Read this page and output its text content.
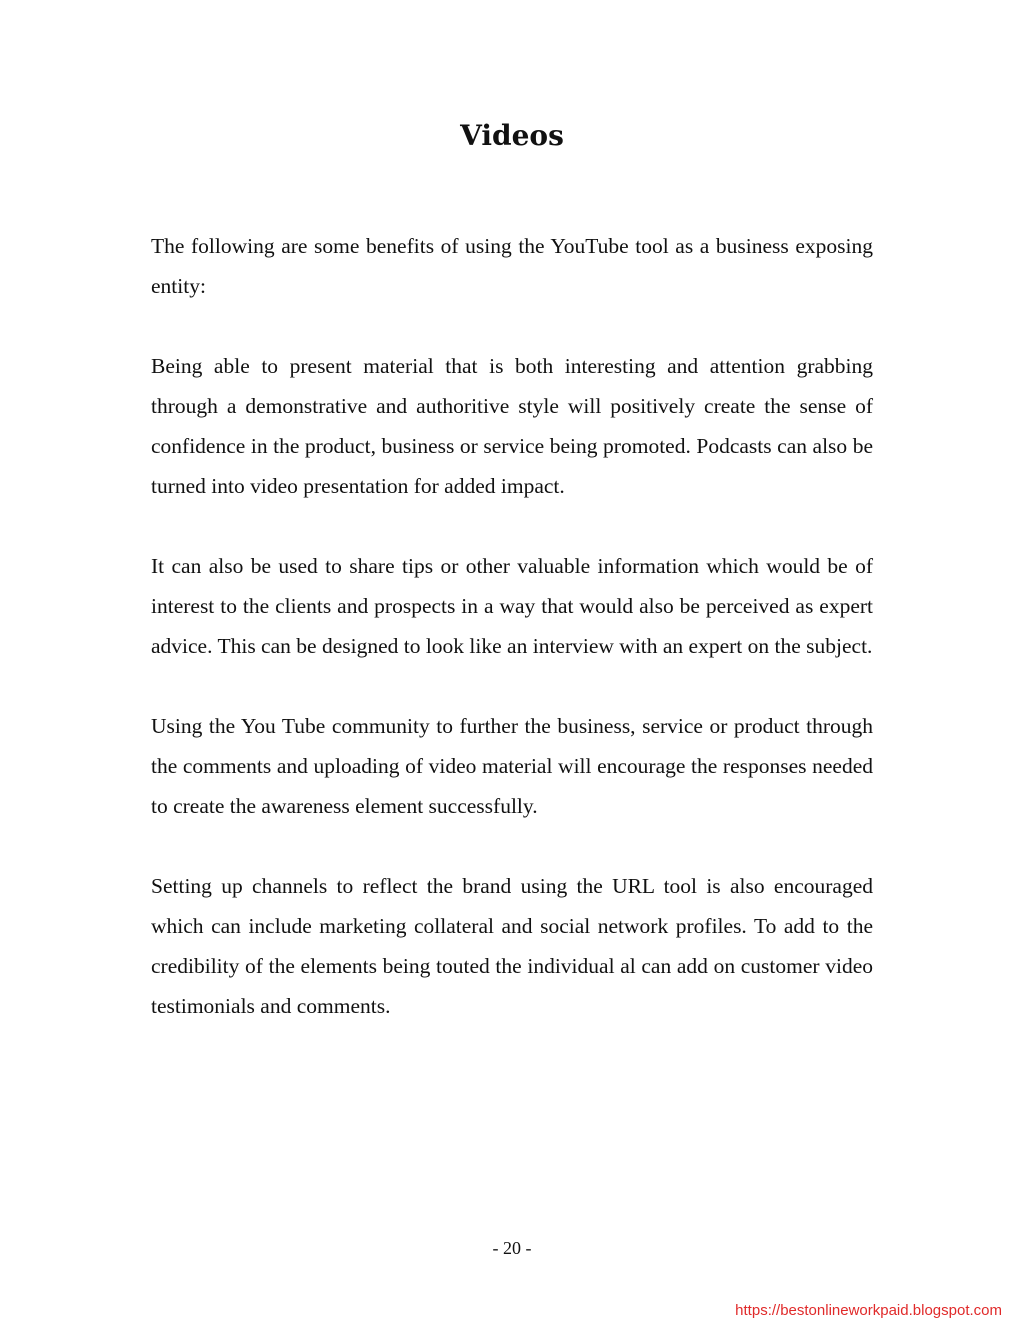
Videos

The following are some benefits of using the YouTube tool as a business exposing entity:

Being able to present material that is both interesting and attention grabbing through a demonstrative and authoritive style will positively create the sense of confidence in the product, business or service being promoted. Podcasts can also be turned into video presentation for added impact.

It can also be used to share tips or other valuable information which would be of interest to the clients and prospects in a way that would also be perceived as expert advice. This can be designed to look like an interview with an expert on the subject.

Using the You Tube community to further the business, service or product through the comments and uploading of video material will encourage the responses needed to create the awareness element successfully.

Setting up channels to reflect the brand using the URL tool is also encouraged which can include marketing collateral and social network profiles. To add to the credibility of the elements being touted the individual al can add on customer video testimonials and comments.

- 20 -
https://bestonlineworkpaid.blogspot.com
